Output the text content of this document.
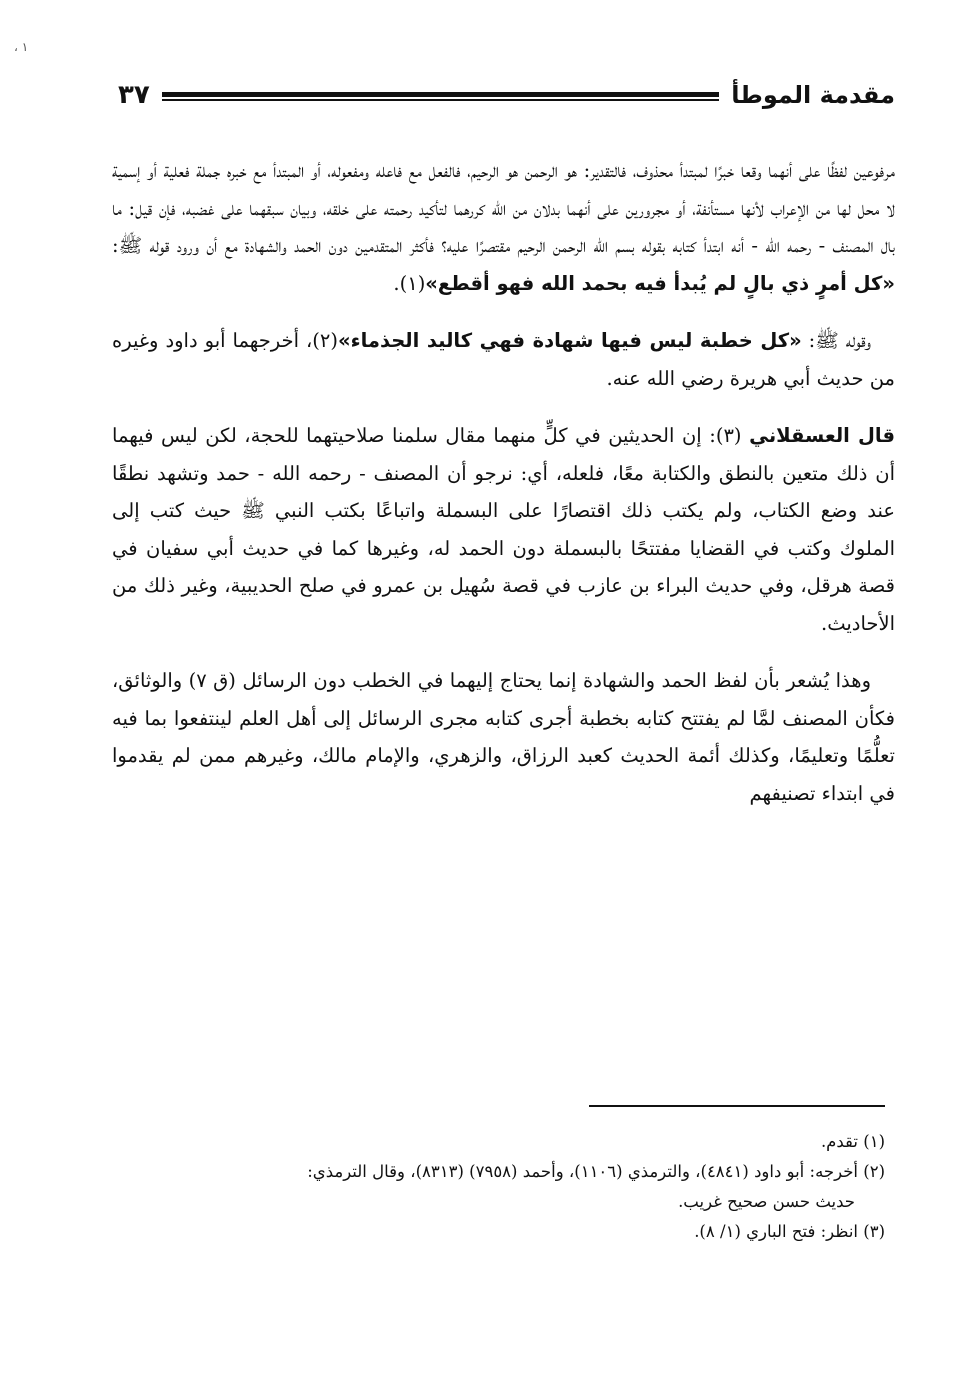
، ١
مقدمة الموطأ
٣٧

مرفوعين لفظًا على أنهما وقعا خبرًا لمبتدأ محذوف، فالتقدير: هو الرحمن هو الرحيم، فالفعل مع فاعله ومفعوله، أو المبتدأ مع خبره جملة فعلية أو إسمية لا محل لها من الإعراب لأنها مستأنفة، أو مجرورين على أنهما بدلان من الله كررهما لتأكيد رحمته على خلقه، وبيان سبقهما على غضبه، فإن قيل: ما بال المصنف - رحمه الله - أنه ابتدأ كتابه بقوله بسم الله الرحمن الرحيم مقتصرًا عليه؟ فأكثر المتقدمين دون الحمد والشهادة مع أن ورود قوله ﷺ: «كل أمرٍ ذي بالٍ لم يُبدأ فيه بحمد الله فهو أقطع»(١).

وقوله ﷺ: «كل خطبة ليس فيها شهادة فهي كاليد الجذماء»(٢)، أخرجهما أبو داود وغيره من حديث أبي هريرة رضي الله عنه.

قال العسقلاني (٣): إن الحديثين في كلٍّ منهما مقال سلمنا صلاحيتهما للحجة، لكن ليس فيهما أن ذلك متعين بالنطق والكتابة معًا، فلعله، أي: نرجو أن المصنف - رحمه الله - حمد وتشهد نطقًا عند وضع الكتاب، ولم يكتب ذلك اقتصارًا على البسملة واتباعًا بكتب النبي ﷺ حيث كتب إلى الملوك وكتب في القضايا مفتتحًا بالبسملة دون الحمد له، وغيرها كما في حديث أبي سفيان في قصة هرقل، وفي حديث البراء بن عازب في قصة سُهيل بن عمرو في صلح الحديبية، وغير ذلك من الأحاديث.

وهذا يُشعر بأن لفظ الحمد والشهادة إنما يحتاج إليهما في الخطب دون الرسائل (ق ٧) والوثائق، فكأن المصنف لمَّا لم يفتتح كتابه بخطبة أجرى كتابه مجرى الرسائل إلى أهل العلم لينتفعوا بما فيه تعلُّمًا وتعليمًا، وكذلك أئمة الحديث كعبد الرزاق، والزهري، والإمام مالك، وغيرهم ممن لم يقدموا في ابتداء تصنيفهم

(١) تقدم.

(٢) أخرجه: أبو داود (٤٨٤١)، والترمذي (١١٠٦)، وأحمد (٧٩٥٨) (٨٣١٣)، وقال الترمذي:

حديث حسن صحيح غريب.

(٣) انظر: فتح الباري (١/ ٨).
